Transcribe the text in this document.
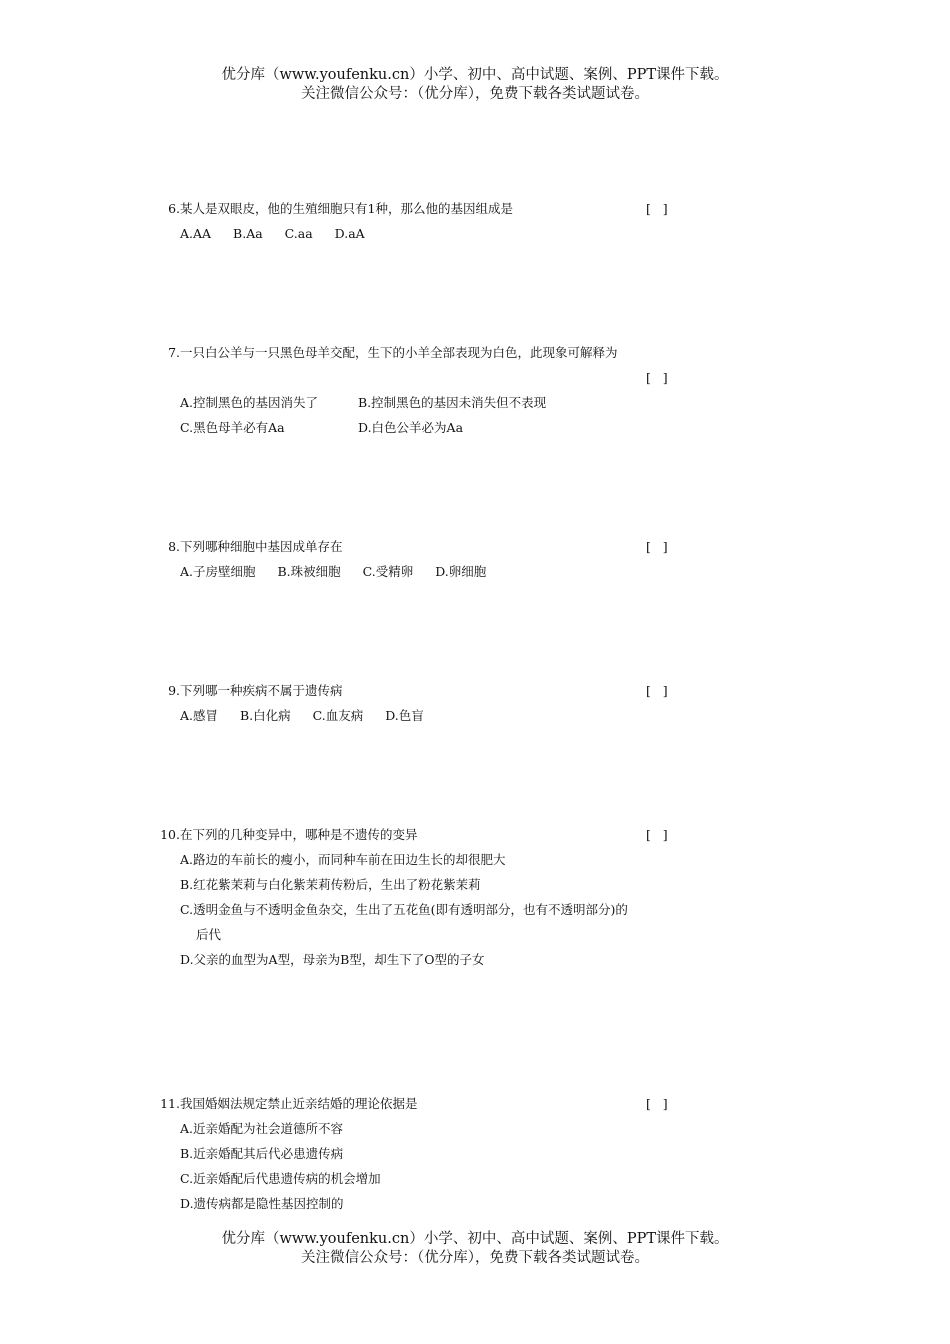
优分库（www.youfenku.cn）小学、初中、高中试题、案例、PPT课件下载。
关注微信公众号：（优分库），免费下载各类试题试卷。
6.某人是双眼皮，他的生殖细胞只有1种，那么他的基因组成是	[   ]
A.AA B.Aa C.aa D.aA
7.一只白公羊与一只黑色母羊交配，生下的小羊全部表现为白色，此现象可解释为
[   ]
A.控制黑色的基因消失了	B.控制黑色的基因未消失但不表现
C.黑色母羊必有Aa	D.白色公羊必为Aa
8.下列哪种细胞中基因成单存在	[   ]
A.子房壁细胞 B.珠被细胞 C.受精卵 D.卵细胞
9.下列哪一种疾病不属于遗传病	[   ]
A.感冒 B.白化病 C.血友病 D.色盲
10.在下列的几种变异中，哪种是不遗传的变异	[   ]
A.路边的车前长的瘦小，而同种车前在田边生长的却很肥大
B.红花紫茉莉与白化紫茉莉传粉后，生出了粉花紫茉莉
C.透明金鱼与不透明金鱼杂交，生出了五花鱼(即有透明部分，也有不透明部分)的
后代
D.父亲的血型为A型，母亲为B型，却生下了O型的子女
11.我国婚姻法规定禁止近亲结婚的理论依据是	[   ]
A.近亲婚配为社会道德所不容
B.近亲婚配其后代必患遗传病
C.近亲婚配后代患遗传病的机会增加
D.遗传病都是隐性基因控制的
优分库（www.youfenku.cn）小学、初中、高中试题、案例、PPT课件下载。
关注微信公众号：（优分库），免费下载各类试题试卷。
